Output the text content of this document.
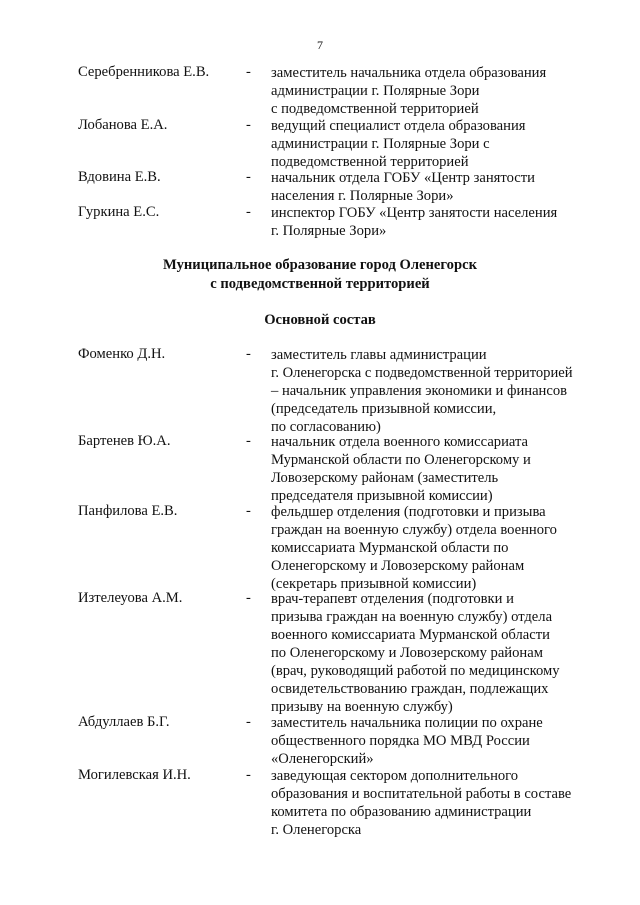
7
Серебренникова Е.В.	- заместитель начальника отдела образования
администрации г. Полярные Зори
с подведомственной территорией
Лобанова Е.А.	- ведущий специалист отдела образования
администрации г. Полярные Зори с
подведомственной территорией
Вдовина Е.В.	- начальник отдела ГОБУ «Центр занятости
населения г. Полярные Зори»
Гуркина Е.С.	- инспектор ГОБУ «Центр занятости населения
г. Полярные Зори»
Муниципальное образование город Оленегорск
с подведомственной территорией
Основной состав
Фоменко Д.Н.	- заместитель главы администрации
г. Оленегорска с подведомственной территорией
– начальник управления экономики и финансов
(председатель призывной комиссии,
по согласованию)
Бартенев Ю.А.	- начальник отдела военного комиссариата
Мурманской области по Оленегорскому и
Ловозерскому районам (заместитель
председателя призывной комиссии)
Панфилова Е.В.	- фельдшер отделения (подготовки и призыва
граждан на военную службу) отдела военного
комиссариата Мурманской области по
Оленегорскому и Ловозерскому районам
(секретарь призывной комиссии)
Изтелеуова А.М.	- врач-терапевт отделения (подготовки и
призыва граждан на военную службу) отдела
военного комиссариата Мурманской области
по Оленегорскому и Ловозерскому районам
(врач, руководящий работой по медицинскому
освидетельствованию граждан, подлежащих
призыву на военную службу)
Абдуллаев Б.Г.	- заместитель начальника полиции по охране
общественного порядка МО МВД России
«Оленегорский»
Могилевская И.Н.	- заведующая сектором дополнительного
образования и воспитательной работы в составе
комитета по образованию администрации
г. Оленегорска
